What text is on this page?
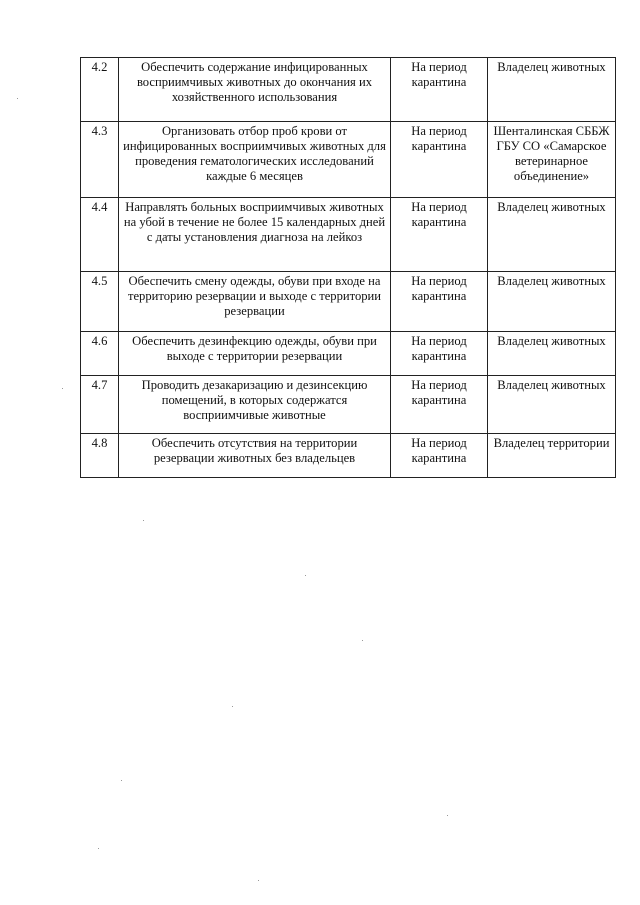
4.2	Обеспечить содержание инфицированных восприимчивых животных до окончания их хозяйственного использования	На период карантина	Владелец животных
4.3	Организовать отбор проб крови от инфицированных восприимчивых животных для проведения гематологических исследований каждые 6 месяцев	На период карантина	Шенталинская СББЖ ГБУ СО «Самарское ветеринарное объединение»
4.4	Направлять больных восприимчивых животных на убой в течение не более 15 календарных дней с даты установления диагноза на лейкоз	На период карантина	Владелец животных
4.5	Обеспечить смену одежды, обуви при входе на территорию резервации и выходе с территории резервации	На период карантина	Владелец животных
4.6	Обеспечить дезинфекцию одежды, обуви при выходе с территории резервации	На период карантина	Владелец животных
4.7	Проводить дезакаризацию и дезинсекцию помещений, в которых содержатся восприимчивые животные	На период карантина	Владелец животных
4.8	Обеспечить отсутствия на территории резервации животных без владельцев	На период карантина	Владелец территории
